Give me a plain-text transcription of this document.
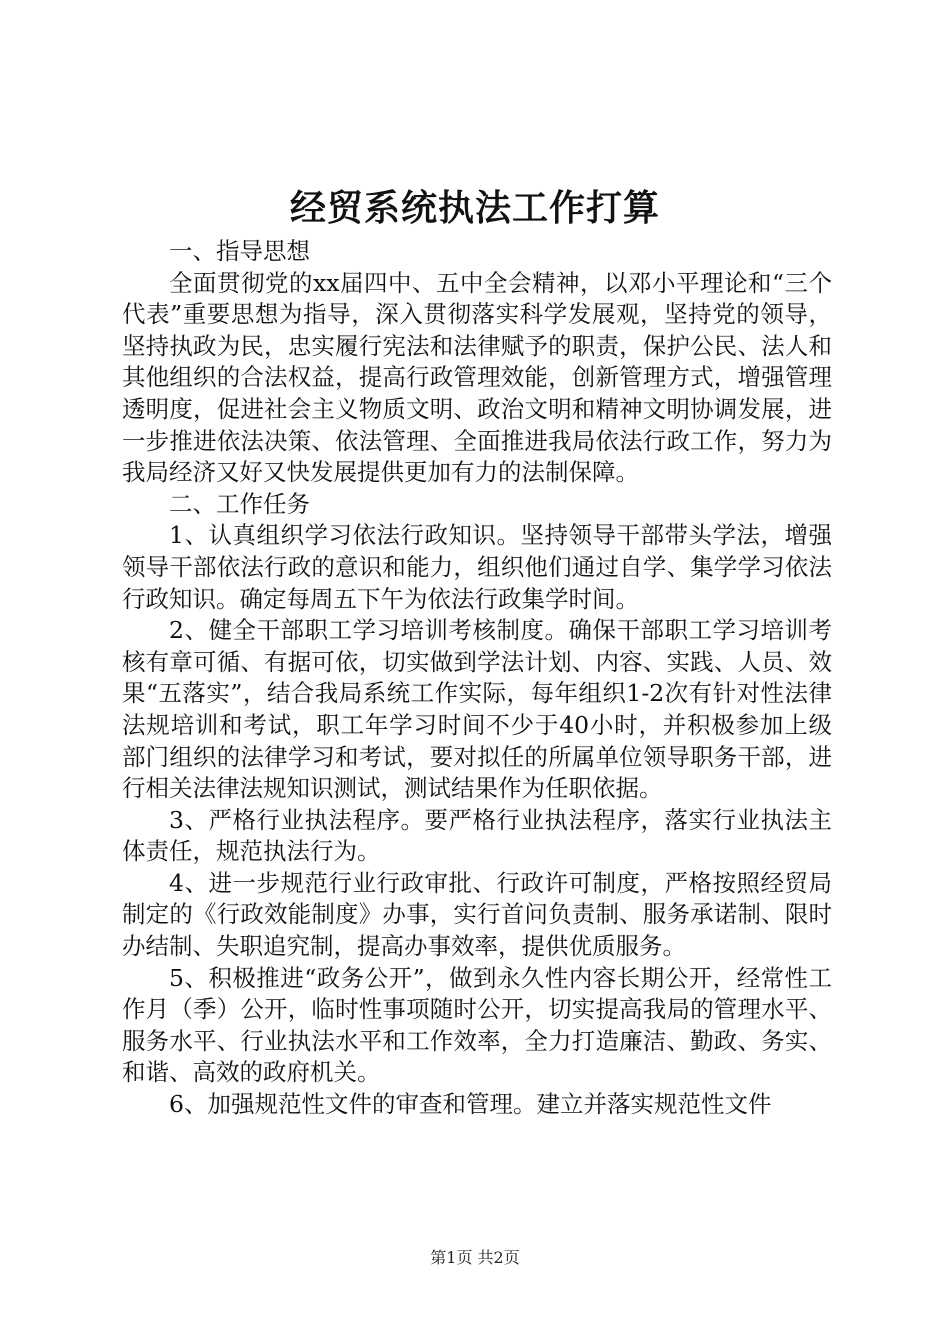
经贸系统执法工作打算

一、指导思想

全面贯彻党的xx届四中、五中全会精神，以邓小平理论和“三个代表”重要思想为指导，深入贯彻落实科学发展观，坚持党的领导，坚持执政为民，忠实履行宪法和法律赋予的职责，保护公民、法人和其他组织的合法权益，提高行政管理效能，创新管理方式，增强管理透明度，促进社会主义物质文明、政治文明和精神文明协调发展，进一步推进依法决策、依法管理、全面推进我局依法行政工作，努力为我局经济又好又快发展提供更加有力的法制保障。

二、工作任务

1、认真组织学习依法行政知识。坚持领导干部带头学法，增强领导干部依法行政的意识和能力，组织他们通过自学、集学学习依法行政知识。确定每周五下午为依法行政集学时间。

2、健全干部职工学习培训考核制度。确保干部职工学习培训考核有章可循、有据可依，切实做到学法计划、内容、实践、人员、效果“五落实”，结合我局系统工作实际，每年组织1-2次有针对性法律法规培训和考试，职工年学习时间不少于40小时，并积极参加上级部门组织的法律学习和考试，要对拟任的所属单位领导职务干部，进行相关法律法规知识测试，测试结果作为任职依据。

3、严格行业执法程序。要严格行业执法程序，落实行业执法主体责任，规范执法行为。

4、进一步规范行业行政审批、行政许可制度，严格按照经贸局制定的《行政效能制度》办事，实行首问负责制、服务承诺制、限时办结制、失职追究制，提高办事效率，提供优质服务。

5、积极推进“政务公开”，做到永久性内容长期公开，经常性工作月（季）公开，临时性事项随时公开，切实提高我局的管理水平、服务水平、行业执法水平和工作效率，全力打造廉洁、勤政、务实、和谐、高效的政府机关。

6、加强规范性文件的审查和管理。建立并落实规范性文件

第1页 共2页
